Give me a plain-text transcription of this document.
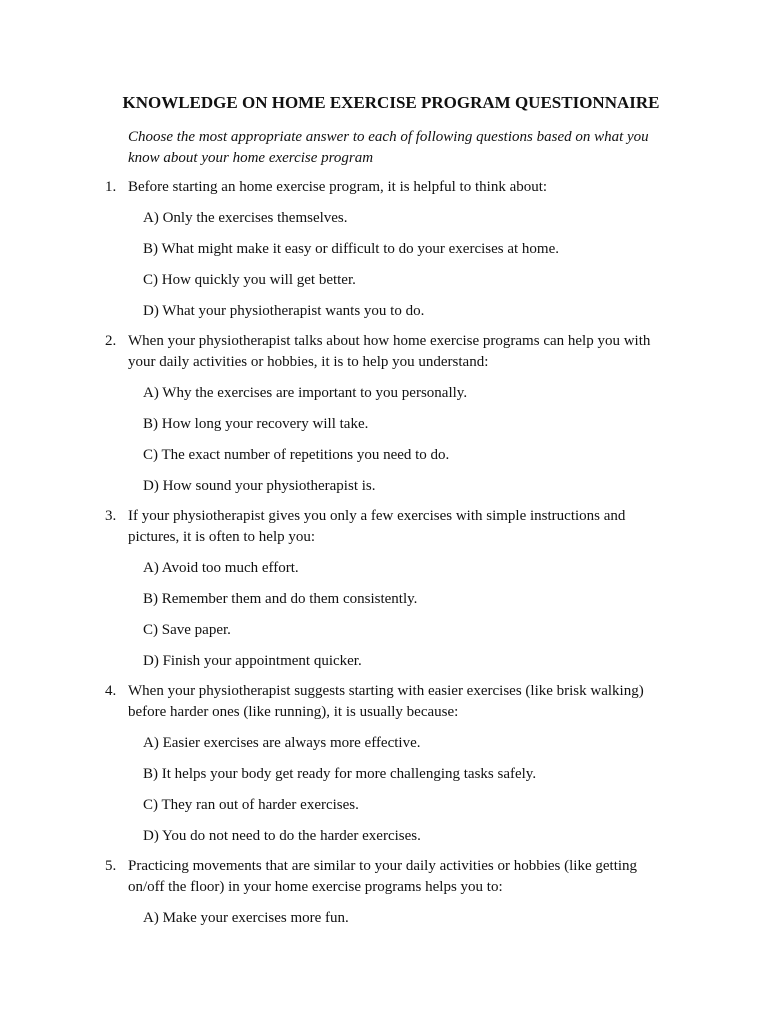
KNOWLEDGE ON HOME EXERCISE PROGRAM QUESTIONNAIRE
Choose the most appropriate answer to each of following questions based on what you know about your home exercise program
1. Before starting an home exercise program, it is helpful to think about:
A) Only the exercises themselves.
B) What might make it easy or difficult to do your exercises at home.
C) How quickly you will get better.
D) What your physiotherapist wants you to do.
2. When your physiotherapist talks about how home exercise programs can help you with your daily activities or hobbies, it is to help you understand:
A) Why the exercises are important to you personally.
B) How long your recovery will take.
C) The exact number of repetitions you need to do.
D) How sound your physiotherapist is.
3. If your physiotherapist gives you only a few exercises with simple instructions and pictures, it is often to help you:
A) Avoid too much effort.
B) Remember them and do them consistently.
C) Save paper.
D) Finish your appointment quicker.
4. When your physiotherapist suggests starting with easier exercises (like brisk walking) before harder ones (like running), it is usually because:
A) Easier exercises are always more effective.
B) It helps your body get ready for more challenging tasks safely.
C) They ran out of harder exercises.
D) You do not need to do the harder exercises.
5. Practicing movements that are similar to your daily activities or hobbies (like getting on/off the floor) in your home exercise programs helps you to:
A) Make your exercises more fun.
